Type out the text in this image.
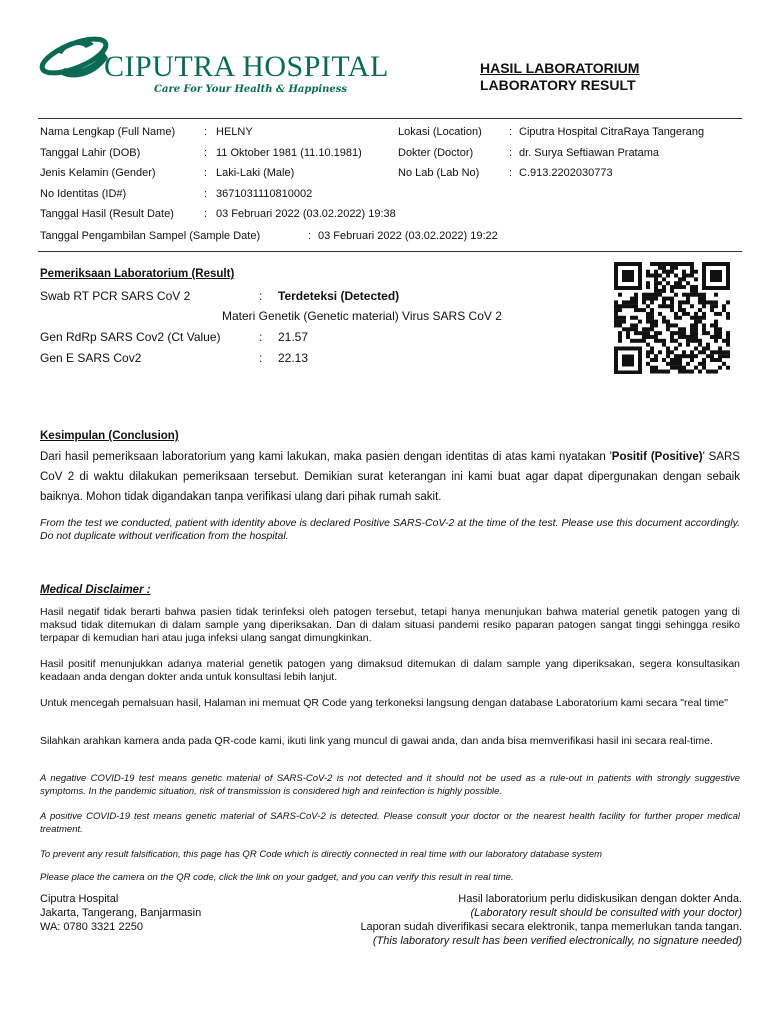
CIPUTRA HOSPITAL
Care For Your Health & Happiness
HASIL LABORATORIUM
LABORATORY RESULT
Nama Lengkap (Full Name)	: HELNY	Lokasi (Location) : Ciputra Hospital CitraRaya Tangerang
Tanggal Lahir (DOB)	: 11 Oktober 1981 (11.10.1981)	Dokter (Doctor)	: dr. Surya Seftiawan Pratama
Jenis Kelamin (Gender)	: Laki-Laki (Male)	No Lab (Lab No)	: C.913.2202030773
No Identitas (ID#)	: 3671031110810002
Tanggal Hasil (Result Date)	: 03 Februari 2022 (03.02.2022) 19:38
Tanggal Pengambilan Sampel (Sample Date)	: 03 Februari 2022 (03.02.2022) 19:22
Pemeriksaan Laboratorium (Result)
Swab RT PCR SARS CoV 2	: Terdeteksi (Detected)
Materi Genetik (Genetic material) Virus SARS CoV 2
Gen RdRp SARS Cov2 (Ct Value)	: 21.57
Gen E SARS Cov2	: 22.13
Kesimpulan (Conclusion)
Dari hasil pemeriksaan laboratorium yang kami lakukan, maka pasien dengan identitas di atas kami nyatakan 'Positif (Positive)' SARS CoV 2 di waktu dilakukan pemeriksaan tersebut. Demikian surat keterangan ini kami buat agar dapat dipergunakan dengan sebaik baiknya. Mohon tidak digandakan tanpa verifikasi ulang dari pihak rumah sakit.
From the test we conducted, patient with identity above is declared Positive SARS-CoV-2 at the time of the test. Please use this document accordingly. Do not duplicate without verification from the hospital.
Medical Disclaimer :
Hasil negatif tidak berarti bahwa pasien tidak terinfeksi oleh patogen tersebut, tetapi hanya menunjukan bahwa material genetik patogen yang di maksud tidak ditemukan di dalam sample yang diperiksakan. Dan di dalam situasi pandemi resiko paparan patogen sangat tinggi sehingga resiko terpapar di kemudian hari atau juga infeksi ulang sangat dimungkinkan.
Hasil positif menunjukkan adanya material genetik patogen yang dimaksud ditemukan di dalam sample yang diperiksakan, segera konsultasikan keadaan anda dengan dokter anda untuk konsultasi lebih lanjut.
Untuk mencegah pemalsuan hasil, Halaman ini memuat QR Code yang terkoneksi langsung dengan database Laboratorium kami secara "real time"
Silahkan arahkan kamera anda pada QR-code kami, ikuti link yang muncul di gawai anda, dan anda bisa memverifikasi hasil ini secara real-time.
A negative COVID-19 test means genetic material of SARS-CoV-2 is not detected and it should not be used as a rule-out in patients with strongly suggestive symptoms. In the pandemic situation, risk of transmission is considered high and reinfection is highly possible.
A positive COVID-19 test means genetic material of SARS-CoV-2 is detected. Please consult your doctor or the nearest health facility for further proper medical treatment.
To prevent any result falsification, this page has QR Code which is directly connected in real time with our laboratory database system
Please place the camera on the QR code, click the link on your gadget, and you can verify this result in real time.
Ciputra Hospital
Jakarta, Tangerang, Banjarmasin
WA: 0780 3321 2250
Hasil laboratorium perlu didiskusikan dengan dokter Anda.
(Laboratory result should be consulted with your doctor)
Laporan sudah diverifikasi secara elektronik, tanpa memerlukan tanda tangan.
(This laboratory result has been verified electronically, no signature needed)
